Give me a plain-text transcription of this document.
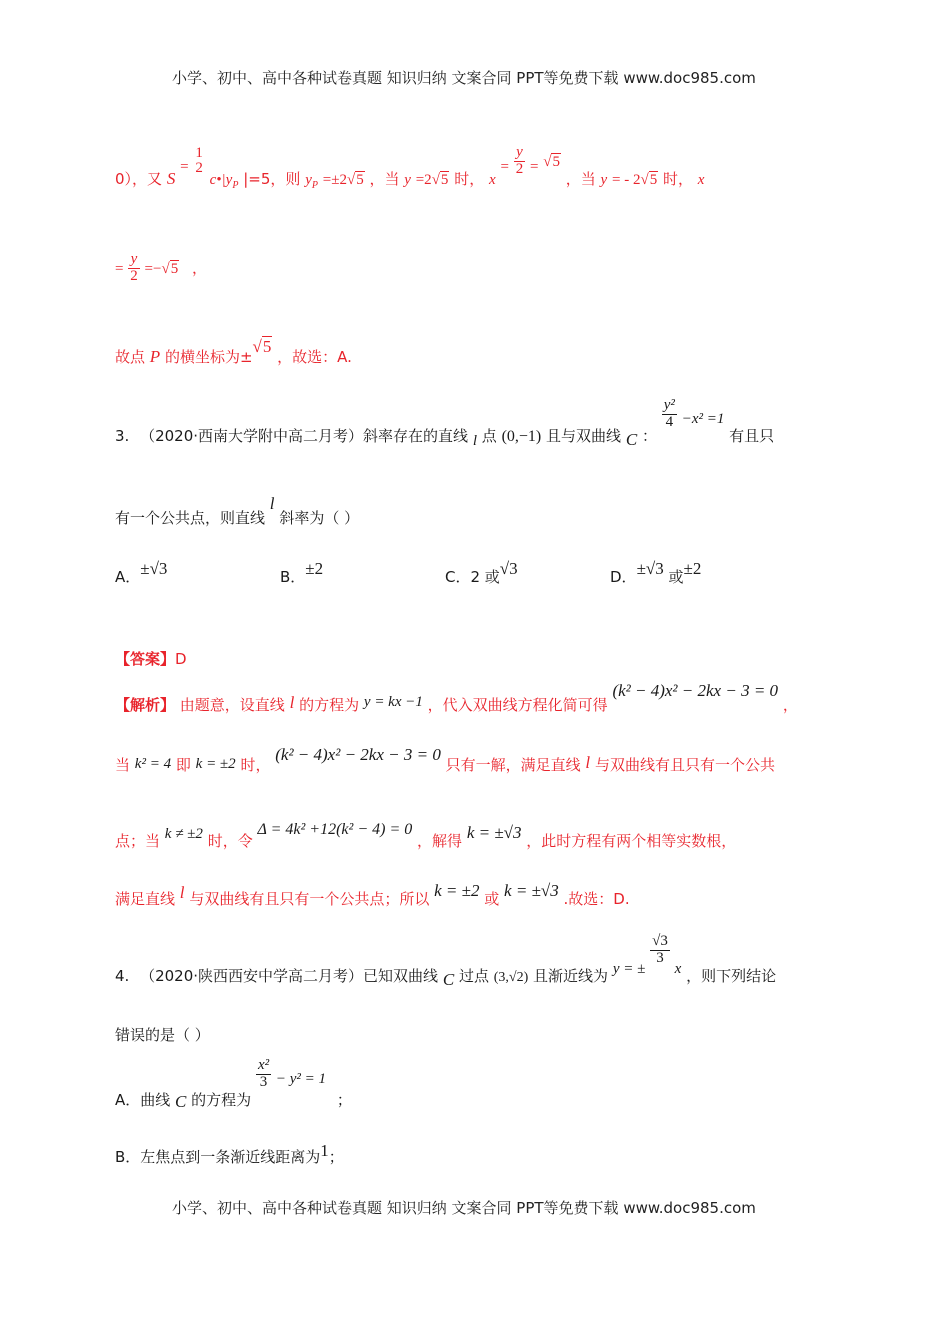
小学、初中、高中各种试卷真题 知识归纳 文案合同 PPT等免费下载 www.doc985.com
0），又 S =
1
2
$c•|y_P$ |=5，则 $y_P =\pm 2√5$ ，当 y =2√5 时， $x = \frac{y}{2} = √5$ ，当 y = - 2√5 时， x
= $\frac{y}{2} =-√5$ ，
故点 P 的横坐标为±√5 ，故选：A.
3. （2020·西南大学附中高二月考）斜率存在的直线 l 点 (0,−1) 且与双曲线 C ：
$\frac{\text{y²}}{4} -x^2 =1$ 有且只
有一个公共点，则直线 l 斜率为（ ）
A．±√3	B．±2	C．2 或√3	D．±√3 或±2
【答案】D
【解析】 由题意，设直线 l 的方程为 y = kx −1 ，代入双曲线方程化简可得 (k² − 4)x² − 2kx − 3 = 0 ，
当 k² = 4 即 k = ±2 时， (k² − 4)x² − 2kx − 3 = 0 只有一解，满足直线 l 与双曲线有且只有一个公共
点；当 k ≠ ±2 时，令 Δ = 4k² +12(k² − 4) = 0 ，解得 k = ±√3 ，此时方程有两个相等实数根，
满足直线 l 与双曲线有且只有一个公共点；所以 k = ±2 或 k = ±√3 .故选：D.
4. （2020·陕西西安中学高二月考）已知双曲线 C 过点 (3,√2) 且渐近线为 y = ±
$\frac{√3}{3}$
x ，则下列结论
错误的是（ ）
A．曲线 C 的方程为
$\frac{\text{x²}}{3} - y^2 = 1$ ；
B．左焦点到一条渐近线距离为1；
小学、初中、高中各种试卷真题 知识归纳 文案合同 PPT等免费下载 www.doc985.com
